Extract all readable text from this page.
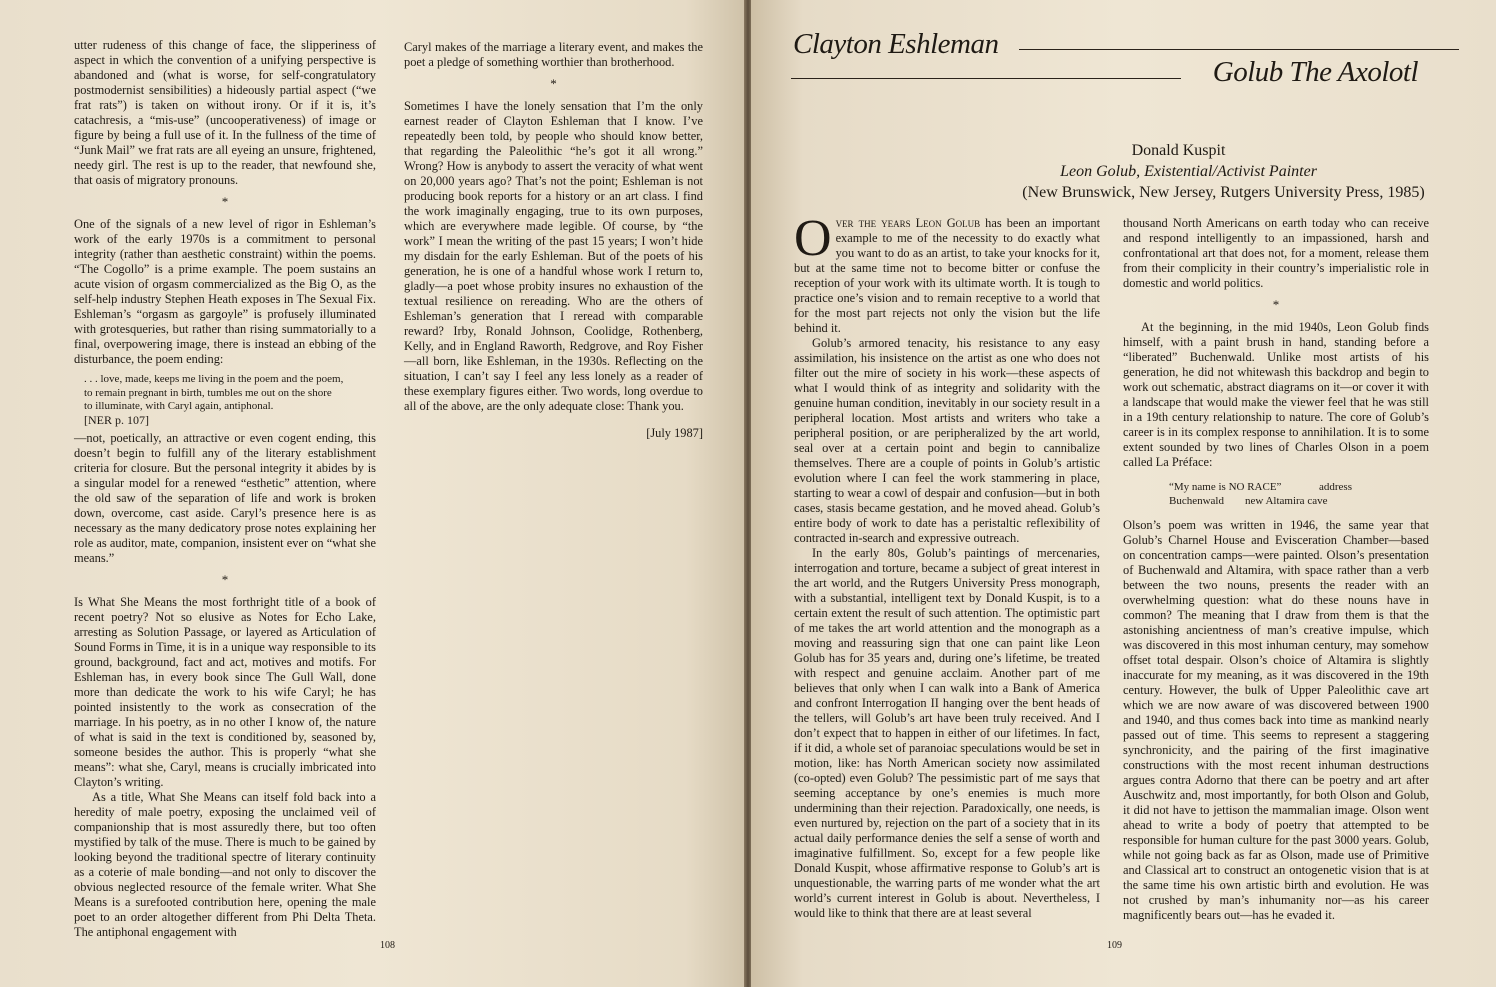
utter rudeness of this change of face, the slipperiness of aspect in which the convention of a unifying perspective is abandoned and (what is worse, for self-congratulatory postmodernist sensibilities) a hideously partial aspect (“we frat rats”) is taken on without irony. Or if it is, it’s catachresis, a “mis-use” (uncooperativeness) of image or figure by being a full use of it. In the fullness of the time of “Junk Mail” we frat rats are all eyeing an unsure, frightened, needy girl. The rest is up to the reader, that newfound she, that oasis of migratory pronouns.

*

One of the signals of a new level of rigor in Eshleman’s work of the early 1970s is a commitment to personal integrity (rather than aesthetic constraint) within the poems. “The Cogollo” is a prime example. The poem sustains an acute vision of orgasm commercialized as the Big O, as the self-help industry Stephen Heath exposes in The Sexual Fix. Eshleman’s “orgasm as gargoyle” is profusely illuminated with grotesqueries, but rather than rising summatorially to a final, overpowering image, there is instead an ebbing of the disturbance, the poem ending:

. . . love, made, keeps me living in the poem and the poem,
to remain pregnant in birth, tumbles me out on the shore
to illuminate, with Caryl again, antiphonal.
[NER p. 107]

—not, poetically, an attractive or even cogent ending, this doesn’t begin to fulfill any of the literary establishment criteria for closure. But the personal integrity it abides by is a singular model for a renewed “esthetic” attention, where the old saw of the separation of life and work is broken down, overcome, cast aside. Caryl’s presence here is as necessary as the many dedicatory prose notes explaining her role as auditor, mate, companion, insistent ever on “what she means.”

*

Is What She Means the most forthright title of a book of recent poetry? Not so elusive as Notes for Echo Lake, arresting as Solution Passage, or layered as Articulation of Sound Forms in Time, it is in a unique way responsible to its ground, background, fact and act, motives and motifs. For Eshleman has, in every book since The Gull Wall, done more than dedicate the work to his wife Caryl; he has pointed insistently to the work as consecration of the marriage. In his poetry, as in no other I know of, the nature of what is said in the text is conditioned by, seasoned by, someone besides the author. This is properly “what she means”: what she, Caryl, means is crucially imbricated into Clayton’s writing.

As a title, What She Means can itself fold back into a heredity of male poetry, exposing the unclaimed veil of companionship that is most assuredly there, but too often mystified by talk of the muse. There is much to be gained by looking beyond the traditional spectre of literary continuity as a coterie of male bonding—and not only to discover the obvious neglected resource of the female writer. What She Means is a surefooted contribution here, opening the male poet to an order altogether different from Phi Delta Theta. The antiphonal engagement with

Caryl makes of the marriage a literary event, and makes the poet a pledge of something worthier than brotherhood.

*

Sometimes I have the lonely sensation that I’m the only earnest reader of Clayton Eshleman that I know. I’ve repeatedly been told, by people who should know better, that regarding the Paleolithic “he’s got it all wrong.” Wrong? How is anybody to assert the veracity of what went on 20,000 years ago? That’s not the point; Eshleman is not producing book reports for a history or an art class. I find the work imaginally engaging, true to its own purposes, which are everywhere made legible. Of course, by “the work” I mean the writing of the past 15 years; I won’t hide my disdain for the early Eshleman. But of the poets of his generation, he is one of a handful whose work I return to, gladly—a poet whose probity insures no exhaustion of the textual resilience on rereading. Who are the others of Eshleman’s generation that I reread with comparable reward? Irby, Ronald Johnson, Coolidge, Rothenberg, Kelly, and in England Raworth, Redgrove, and Roy Fisher—all born, like Eshleman, in the 1930s. Reflecting on the situation, I can’t say I feel any less lonely as a reader of these exemplary figures either. Two words, long overdue to all of the above, are the only adequate close: Thank you.

[July 1987]
108
Clayton Eshleman
Golub The Axolotl
Donald Kuspit
Leon Golub, Existential/Activist Painter
(New Brunswick, New Jersey, Rutgers University Press, 1985)

Over the years Leon Golub has been an important example to me of the necessity to do exactly what you want to do as an artist, to take your knocks for it, but at the same time not to become bitter or confuse the reception of your work with its ultimate worth. It is tough to practice one’s vision and to remain receptive to a world that for the most part rejects not only the vision but the life behind it.

Golub’s armored tenacity, his resistance to any easy assimilation, his insistence on the artist as one who does not filter out the mire of society in his work—these aspects of what I would think of as integrity and solidarity with the genuine human condition, inevitably in our society result in a peripheral location. Most artists and writers who take a peripheral position, or are peripheralized by the art world, seal over at a certain point and begin to cannibalize themselves. There are a couple of points in Golub’s artistic evolution where I can feel the work stammering in place, starting to wear a cowl of despair and confusion—but in both cases, stasis became gestation, and he moved ahead. Golub’s entire body of work to date has a peristaltic reflexibility of contracted in-search and expressive outreach.

In the early 80s, Golub’s paintings of mercenaries, interrogation and torture, became a subject of great interest in the art world, and the Rutgers University Press monograph, with a substantial, intelligent text by Donald Kuspit, is to a certain extent the result of such attention. The optimistic part of me takes the art world attention and the monograph as a moving and reassuring sign that one can paint like Leon Golub has for 35 years and, during one’s lifetime, be treated with respect and genuine acclaim. Another part of me believes that only when I can walk into a Bank of America and confront Interrogation II hanging over the bent heads of the tellers, will Golub’s art have been truly received. And I don’t expect that to happen in either of our lifetimes. In fact, if it did, a whole set of paranoiac speculations would be set in motion, like: has North American society now assimilated (co-opted) even Golub? The pessimistic part of me says that seeming acceptance by one’s enemies is much more undermining than their rejection. Paradoxically, one needs, is even nurtured by, rejection on the part of a society that in its actual daily performance denies the self a sense of worth and imaginative fulfillment. So, except for a few people like Donald Kuspit, whose affirmative response to Golub’s art is unquestionable, the warring parts of me wonder what the art world’s current interest in Golub is about. Nevertheless, I would like to think that there are at least several

thousand North Americans on earth today who can receive and respond intelligently to an impassioned, harsh and confrontational art that does not, for a moment, release them from their complicity in their country’s imperialistic role in domestic and world politics.

*

At the beginning, in the mid 1940s, Leon Golub finds himself, with a paint brush in hand, standing before a “liberated” Buchenwald. Unlike most artists of his generation, he did not whitewash this backdrop and begin to work out schematic, abstract diagrams on it—or cover it with a landscape that would make the viewer feel that he was still in a 19th century relationship to nature. The core of Golub’s career is in its complex response to annihilation. It is to some extent sounded by two lines of Charles Olson in a poem called La Préface:

“My name is NO RACE”	address
Buchenwald new Altamira cave

Olson’s poem was written in 1946, the same year that Golub’s Charnel House and Evisceration Chamber—based on concentration camps—were painted. Olson’s presentation of Buchenwald and Altamira, with space rather than a verb between the two nouns, presents the reader with an overwhelming question: what do these nouns have in common? The meaning that I draw from them is that the astonishing ancientness of man’s creative impulse, which was discovered in this most inhuman century, may somehow offset total despair. Olson’s choice of Altamira is slightly inaccurate for my meaning, as it was discovered in the 19th century. However, the bulk of Upper Paleolithic cave art which we are now aware of was discovered between 1900 and 1940, and thus comes back into time as mankind nearly passed out of time. This seems to represent a staggering synchronicity, and the pairing of the first imaginative constructions with the most recent inhuman destructions argues contra Adorno that there can be poetry and art after Auschwitz and, most importantly, for both Olson and Golub, it did not have to jettison the mammalian image. Olson went ahead to write a body of poetry that attempted to be responsible for human culture for the past 3000 years. Golub, while not going back as far as Olson, made use of Primitive and Classical art to construct an ontogenetic vision that is at the same time his own artistic birth and evolution. He was not crushed by man’s inhumanity nor—as his career magnificently bears out—has he evaded it.

109
